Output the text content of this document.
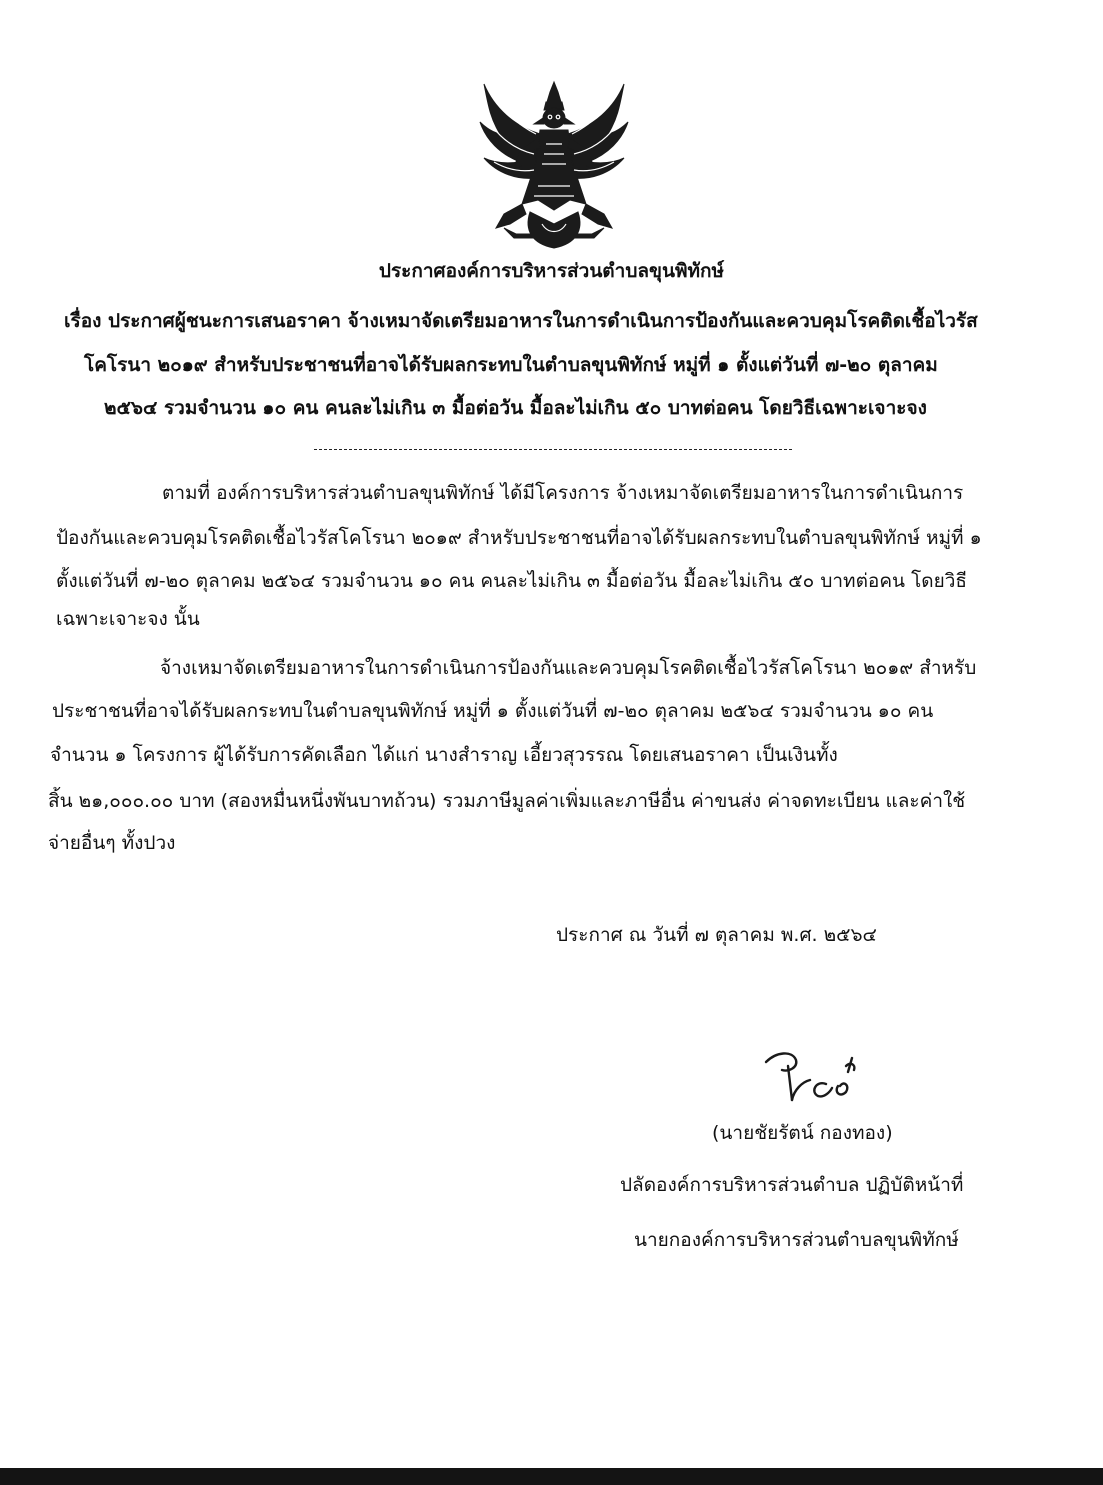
ประกาศองค์การบริหารส่วนตำบลขุนพิทักษ์
เรื่อง ประกาศผู้ชนะการเสนอราคา จ้างเหมาจัดเตรียมอาหารในการดำเนินการป้องกันและควบคุมโรคติดเชื้อไวรัส
โคโรนา ๒๐๑๙ สำหรับประชาชนที่อาจได้รับผลกระทบในตำบลขุนพิทักษ์ หมู่ที่ ๑ ตั้งแต่วันที่ ๗-๒๐ ตุลาคม
๒๕๖๔ รวมจำนวน ๑๐ คน คนละไม่เกิน ๓ มื้อต่อวัน มื้อละไม่เกิน ๕๐ บาทต่อคน โดยวิธีเฉพาะเจาะจง
ตามที่ องค์การบริหารส่วนตำบลขุนพิทักษ์ ได้มีโครงการ จ้างเหมาจัดเตรียมอาหารในการดำเนินการ
ป้องกันและควบคุมโรคติดเชื้อไวรัสโคโรนา ๒๐๑๙ สำหรับประชาชนที่อาจได้รับผลกระทบในตำบลขุนพิทักษ์ หมู่ที่ ๑
ตั้งแต่วันที่ ๗-๒๐ ตุลาคม ๒๕๖๔ รวมจำนวน ๑๐ คน คนละไม่เกิน ๓ มื้อต่อวัน มื้อละไม่เกิน ๕๐ บาทต่อคน โดยวิธี
เฉพาะเจาะจง นั้น
จ้างเหมาจัดเตรียมอาหารในการดำเนินการป้องกันและควบคุมโรคติดเชื้อไวรัสโคโรนา ๒๐๑๙ สำหรับ
ประชาชนที่อาจได้รับผลกระทบในตำบลขุนพิทักษ์ หมู่ที่ ๑ ตั้งแต่วันที่ ๗-๒๐ ตุลาคม ๒๕๖๔ รวมจำนวน ๑๐ คน
จำนวน ๑ โครงการ ผู้ได้รับการคัดเลือก ได้แก่ นางสำราญ เอี้ยวสุวรรณ โดยเสนอราคา เป็นเงินทั้ง
สิ้น ๒๑,๐๐๐.๐๐ บาท (สองหมื่นหนึ่งพันบาทถ้วน) รวมภาษีมูลค่าเพิ่มและภาษีอื่น ค่าขนส่ง ค่าจดทะเบียน และค่าใช้
จ่ายอื่นๆ ทั้งปวง
ประกาศ ณ วันที่ ๗ ตุลาคม พ.ศ. ๒๕๖๔
(นายชัยรัตน์ กองทอง)
ปลัดองค์การบริหารส่วนตำบล ปฏิบัติหน้าที่
นายกองค์การบริหารส่วนตำบลขุนพิทักษ์
